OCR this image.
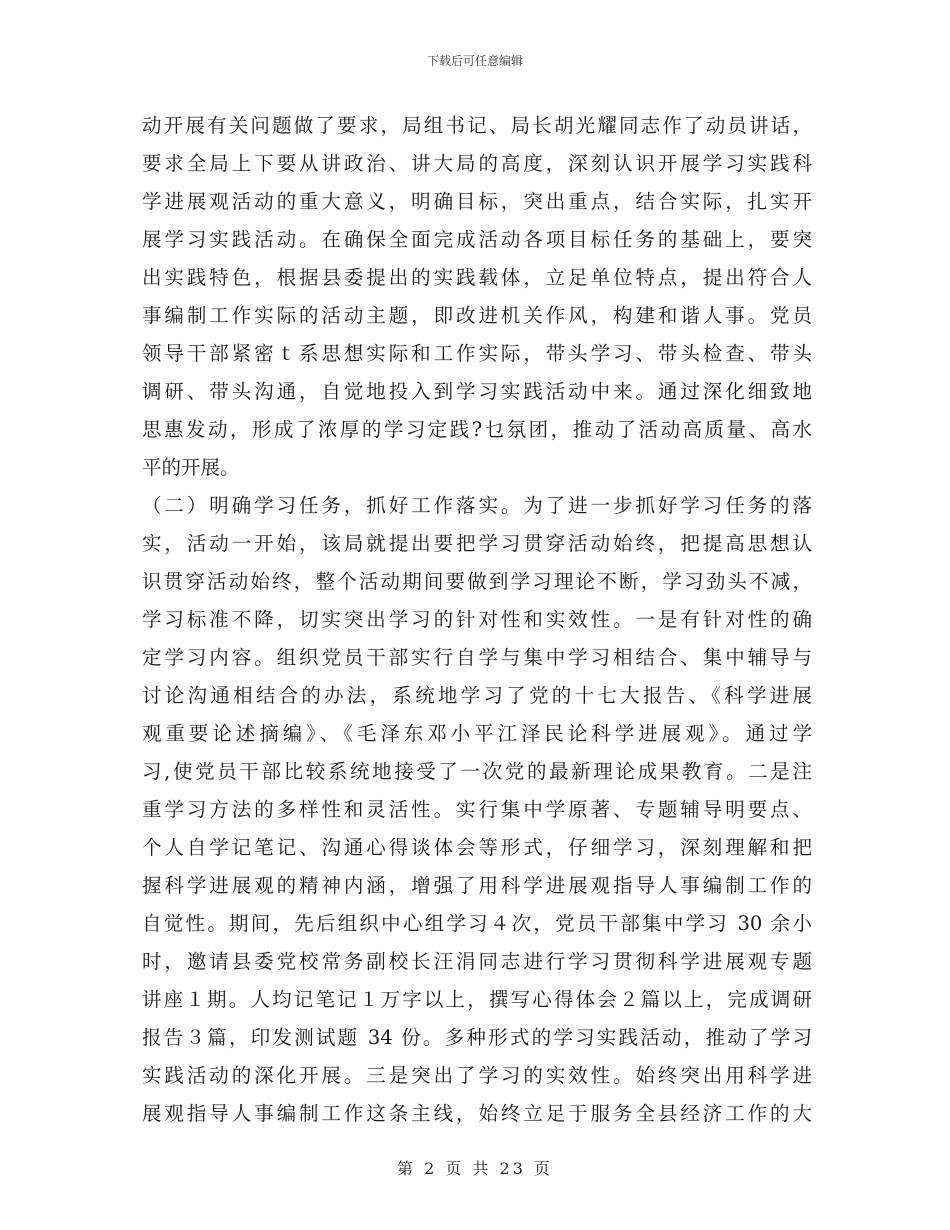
下载后可任意编辑
动开展有关问题做了要求，局组书记、局长胡光耀同志作了动员讲话，
要求全局上下要从讲政治、讲大局的高度，深刻认识开展学习实践科
学进展观活动的重大意义，明确目标，突出重点，结合实际，扎实开
展学习实践活动。在确保全面完成活动各项目标任务的基础上，要突
出实践特色，根据县委提出的实践载体，立足单位特点，提出符合人
事编制工作实际的活动主题，即改进机关作风，构建和谐人事。党员
领导干部紧密ｔ系思想实际和工作实际，带头学习、带头检查、带头
调研、带头沟通，自觉地投入到学习实践活动中来。通过深化细致地
思惠发动，形成了浓厚的学习定践?乜氛团，推动了活动高质量、高水
平的开展。
（二）明确学习任务，抓好工作落实。为了进一步抓好学习任务的落
实，活动一开始，该局就提出要把学习贯穿活动始终，把提高思想认
识贯穿活动始终，整个活动期间要做到学习理论不断，学习劲头不减，
学习标准不降，切实突出学习的针对性和实效性。一是有针对性的确
定学习内容。组织党员干部实行自学与集中学习相结合、集中辅导与
讨论沟通相结合的办法，系统地学习了党的十七大报告、《科学进展
观重要论述摘编》、《毛泽东邓小平江泽民论科学进展观》。通过学
习,使党员干部比较系统地接受了一次党的最新理论成果教育。二是注
重学习方法的多样性和灵活性。实行集中学原著、专题辅导明要点、
个人自学记笔记、沟通心得谈体会等形式，仔细学习，深刻理解和把
握科学进展观的精神内涵，增强了用科学进展观指导人事编制工作的
自觉性。期间，先后组织中心组学习４次，党员干部集中学习 30 余小
时，邀请县委党校常务副校长汪涓同志进行学习贯彻科学进展观专题
讲座１期。人均记笔记１万字以上，撰写心得体会２篇以上，完成调研
报告３篇，印发测试题 34 份。多种形式的学习实践活动，推动了学习
实践活动的深化开展。三是突出了学习的实效性。始终突出用科学进
展观指导人事编制工作这条主线，始终立足于服务全县经济工作的大
第 2 页 共 23 页
